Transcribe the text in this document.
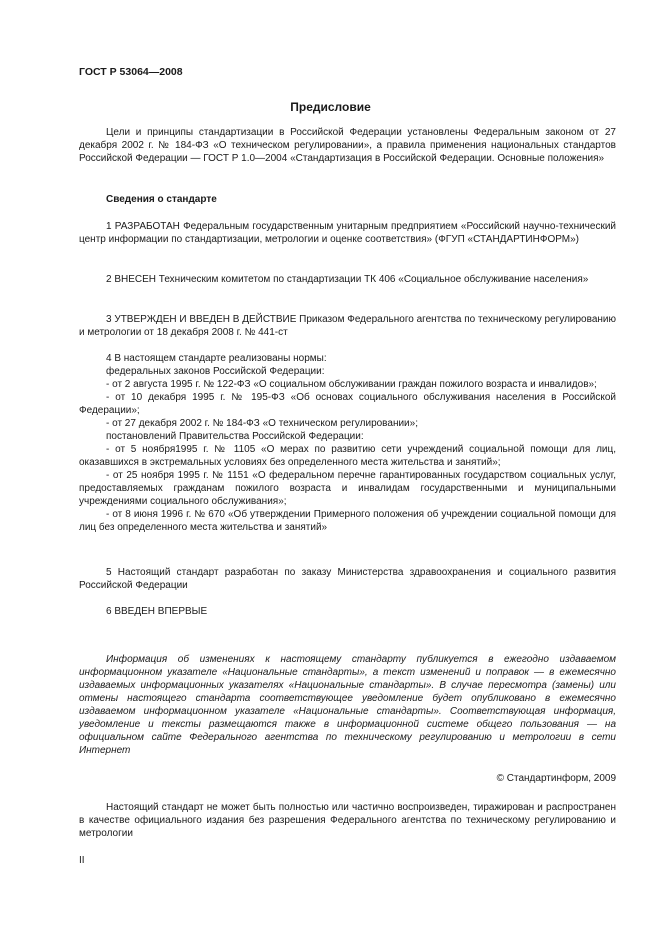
ГОСТ Р 53064—2008
Предисловие
Цели и принципы стандартизации в Российской Федерации установлены Федеральным законом от 27 декабря 2002 г. № 184-ФЗ «О техническом регулировании», а правила применения национальных стандартов Российской Федерации — ГОСТ Р 1.0—2004 «Стандартизация в Российской Федерации. Основные положения»
Сведения о стандарте
1 РАЗРАБОТАН Федеральным государственным унитарным предприятием «Российский научно-технический центр информации по стандартизации, метрологии и оценке соответствия» (ФГУП «СТАНДАРТИНФОРМ»)
2 ВНЕСЕН Техническим комитетом по стандартизации ТК 406 «Социальное обслуживание населения»
3 УТВЕРЖДЕН И ВВЕДЕН В ДЕЙСТВИЕ Приказом Федерального агентства по техническому регулированию и метрологии от 18 декабря 2008 г. № 441-ст
4 В настоящем стандарте реализованы нормы:
федеральных законов Российской Федерации:
- от 2 августа 1995 г. № 122-ФЗ «О социальном обслуживании граждан пожилого возраста и инвалидов»;
- от 10 декабря 1995 г. № 195-ФЗ «Об основах социального обслуживания населения в Российской Федерации»;
- от 27 декабря 2002 г. № 184-ФЗ «О техническом регулировании»;
постановлений Правительства Российской Федерации:
- от 5 ноября1995 г. № 1105 «О мерах по развитию сети учреждений социальной помощи для лиц, оказавшихся в экстремальных условиях без определенного места жительства и занятий»;
- от 25 ноября 1995 г. № 1151 «О федеральном перечне гарантированных государством социальных услуг, предоставляемых гражданам пожилого возраста и инвалидам государственными и муниципальными учреждениями социального обслуживания»;
- от 8 июня 1996 г. № 670 «Об утверждении Примерного положения об учреждении социальной помощи для лиц без определенного места жительства и занятий»
5 Настоящий стандарт разработан по заказу Министерства здравоохранения и социального развития Российской Федерации
6 ВВЕДЕН ВПЕРВЫЕ
Информация об изменениях к настоящему стандарту публикуется в ежегодно издаваемом информационном указателе «Национальные стандарты», а текст изменений и поправок — в ежемесячно издаваемых информационных указателях «Национальные стандарты». В случае пересмотра (замены) или отмены настоящего стандарта соответствующее уведомление будет опубликовано в ежемесячно издаваемом информационном указателе «Национальные стандарты». Соответствующая информация, уведомление и тексты размещаются также в информационной системе общего пользования — на официальном сайте Федерального агентства по техническому регулированию и метрологии в сети Интернет
© Стандартинформ, 2009
Настоящий стандарт не может быть полностью или частично воспроизведен, тиражирован и распространен в качестве официального издания без разрешения Федерального агентства по техническому регулированию и метрологии
II
